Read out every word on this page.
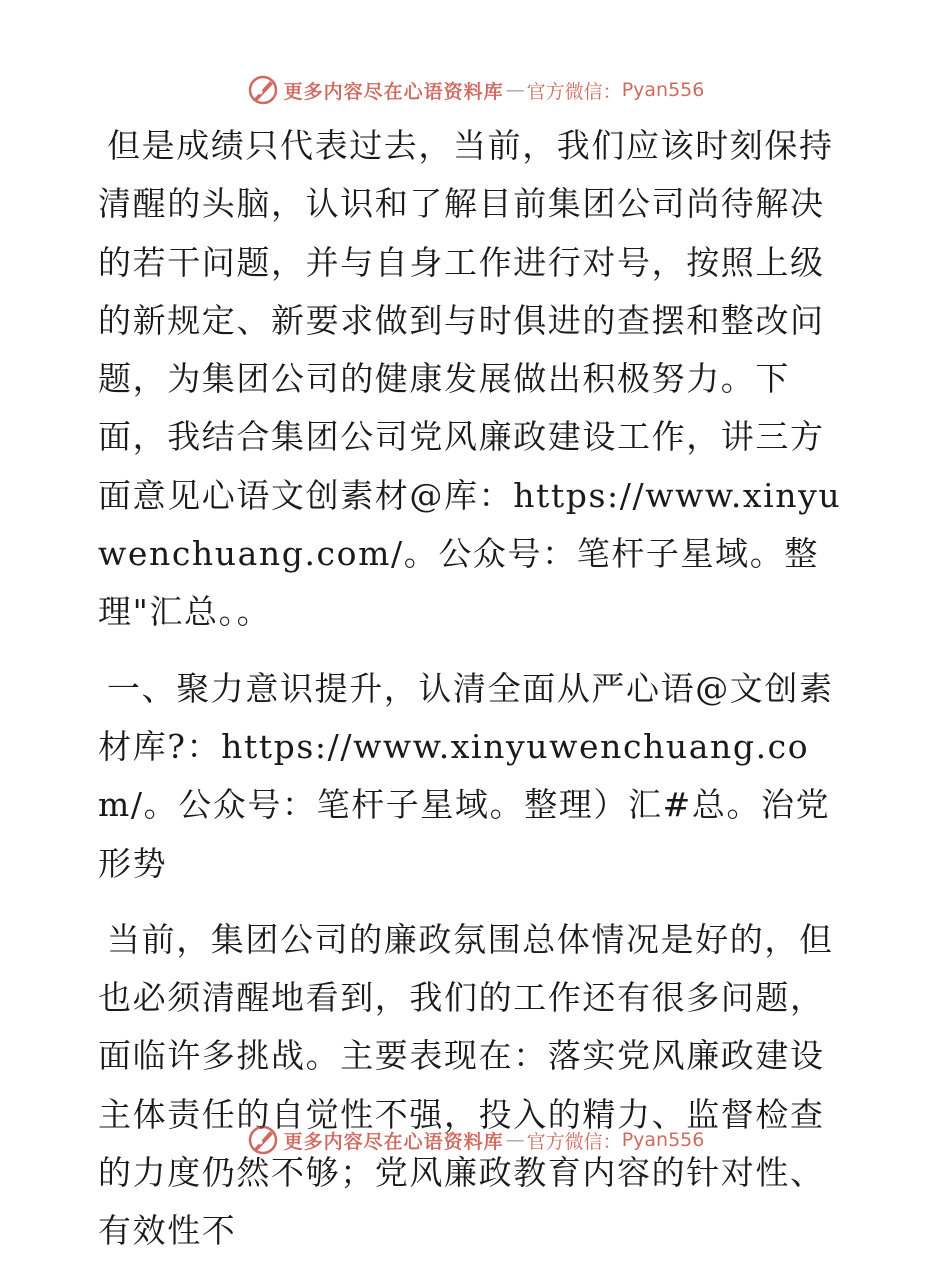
更多内容尽在心语资料库 — 官方微信： Pyan556

但是成绩只代表过去，当前，我们应该时刻保持清醒的头脑，认识和了解目前集团公司尚待解决的若干问题，并与自身工作进行对号，按照上级的新规定、新要求做到与时俱进的查摆和整改问题，为集团公司的健康发展做出积极努力。下面，我结合集团公司党风廉政建设工作，讲三方面意见心语文创素材@库：https://www.xinyuwenchuang.com/。公众号：笔杆子星域。整理"汇总。。

一、聚力意识提升，认清全面从严心语@文创素材库?：https://www.xinyuwenchuang.com/。公众号：笔杆子星域。整理）汇#总。治党形势

当前，集团公司的廉政氛围总体情况是好的，但也必须清醒地看到，我们的工作还有很多问题，面临许多挑战。主要表现在：落实党风廉政建设主体责任的自觉性不强，投入的精力、监督检查的力度仍然不够；党风廉政教育内容的针对性、有效性不

更多内容尽在心语资料库 — 官方微信： Pyan556
